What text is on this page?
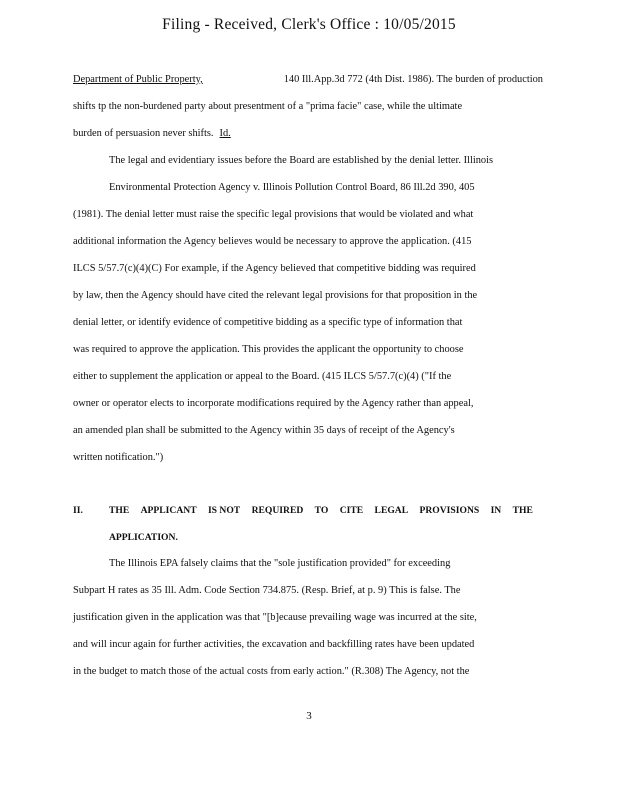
Filing - Received, Clerk's Office : 10/05/2015
Department of Public Property,	140 Ill.App.3d 772 (4th Dist. 1986). The burden of production
shifts tp the non-burdened party about presentment of a "prima facie" case, while the ultimate
burden of persuasion never shifts. Id.
The legal and evidentiary issues before the Board are established by the denial letter. Illinois
Environmental Protection Agency v. Illinois Pollution Control Board, 86 Ill.2d 390, 405
(1981). The denial letter must raise the specific legal provisions that would be violated and what
additional information the Agency believes would be necessary to approve the application. (415
ILCS 5/57.7(c)(4)(C) For example, if the Agency believed that competitive bidding was required
by law, then the Agency should have cited the relevant legal provisions for that proposition in the
denial letter, or identify evidence of competitive bidding as a specific type of information that
was required to approve the application. This provides the applicant the opportunity to choose
either to supplement the application or appeal to the Board. (415 ILCS 5/57.7(c)(4) ("If the
owner or operator elects to incorporate modifications required by the Agency rather than appeal,
an amended plan shall be submitted to the Agency within 35 days of receipt of the Agency's
written notification.")
II.	THE APPLICANT IS NOT REQUIRED TO CITE LEGAL PROVISIONS IN THE
APPLICATION.
The Illinois EPA falsely claims that the "sole justification provided" for exceeding
Subpart H rates as 35 Ill. Adm. Code Section 734.875. (Resp. Brief, at p. 9) This is false. The
justification given in the application was that "[b]ecause prevailing wage was incurred at the site,
and will incur again for further activities, the excavation and backfilling rates have been updated
in the budget to match those of the actual costs from early action." (R.308) The Agency, not the
3
